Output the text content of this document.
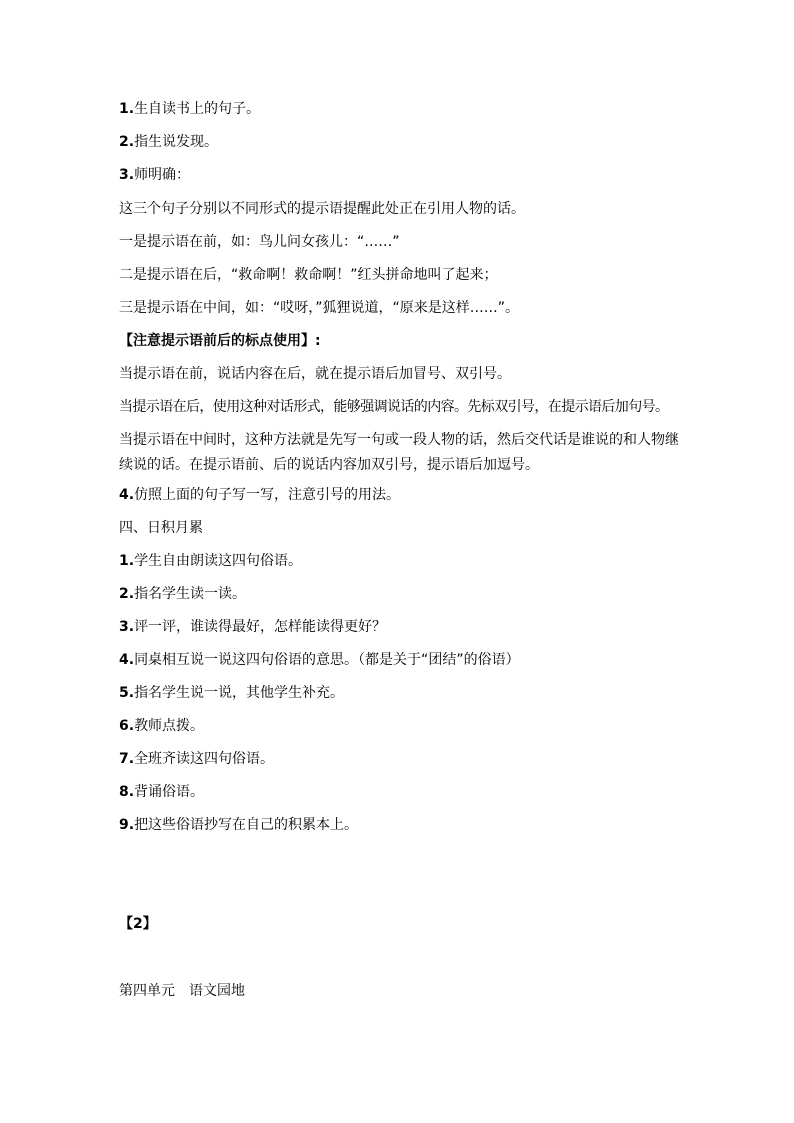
1.生自读书上的句子。
2.指生说发现。
3.师明确：
这三个句子分别以不同形式的提示语提醒此处正在引用人物的话。
一是提示语在前，如：鸟儿问女孩儿：“……”
二是提示语在后，“救命啊！救命啊！”红头拼命地叫了起来；
三是提示语在中间，如：“哎呀，”狐狸说道，“原来是这样……”。
【注意提示语前后的标点使用】:
当提示语在前，说话内容在后，就在提示语后加冒号、双引号。
当提示语在后，使用这种对话形式，能够强调说话的内容。先标双引号，在提示语后加句号。
当提示语在中间时，这种方法就是先写一句或一段人物的话，然后交代话是谁说的和人物继续说的话。在提示语前、后的说话内容加双引号，提示语后加逗号。
4.仿照上面的句子写一写，注意引号的用法。
四、日积月累
1.学生自由朗读这四句俗语。
2.指名学生读一读。
3.评一评，谁读得最好，怎样能读得更好？
4.同桌相互说一说这四句俗语的意思。（都是关于“团结”的俗语）
5.指名学生说一说，其他学生补充。
6.教师点拨。
7.全班齐读这四句俗语。
8.背诵俗语。
9.把这些俗语抄写在自己的积累本上。
【2】
第四单元　语文园地
